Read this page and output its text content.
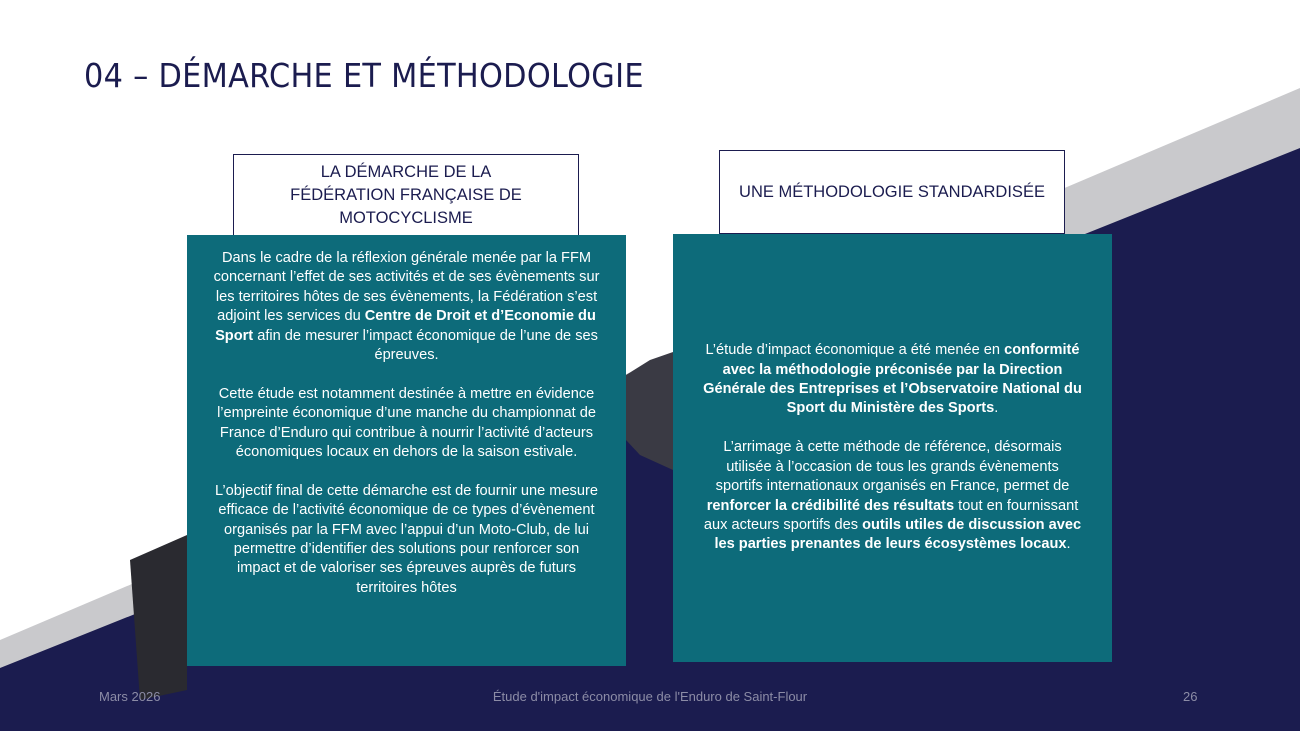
04 – DÉMARCHE ET MÉTHODOLOGIE
LA DÉMARCHE DE LA FÉDÉRATION FRANÇAISE DE MOTOCYCLISME
UNE MÉTHODOLOGIE STANDARDISÉE

Dans le cadre de la réflexion générale menée par la FFM concernant l’effet de ses activités et de ses évènements sur les territoires hôtes de ses évènements, la Fédération s’est adjoint les services du Centre de Droit et d’Economie du Sport afin de mesurer l’impact économique de l’une de ses épreuves.

Cette étude est notamment destinée à mettre en évidence l’empreinte économique d’une manche du championnat de France d’Enduro qui contribue à nourrir l’activité d’acteurs économiques locaux en dehors de la saison estivale.

L’objectif final de cette démarche est de fournir une mesure efficace de l’activité économique de ce types d’évènement organisés par la FFM avec l’appui d’un Moto-Club, de lui permettre d’identifier des solutions pour renforcer son impact et de valoriser ses épreuves auprès de futurs territoires hôtes

L’étude d’impact économique a été menée en conformité avec la méthodologie préconisée par la Direction Générale des Entreprises et l’Observatoire National du Sport du Ministère des Sports.

L’arrimage à cette méthode de référence, désormais utilisée à l’occasion de tous les grands évènements sportifs internationaux organisés en France, permet de renforcer la crédibilité des résultats tout en fournissant aux acteurs sportifs des outils utiles de discussion avec les parties prenantes de leurs écosystèmes locaux.

Mars 2026	Étude d'impact économique de l'Enduro de Saint-Flour	26
